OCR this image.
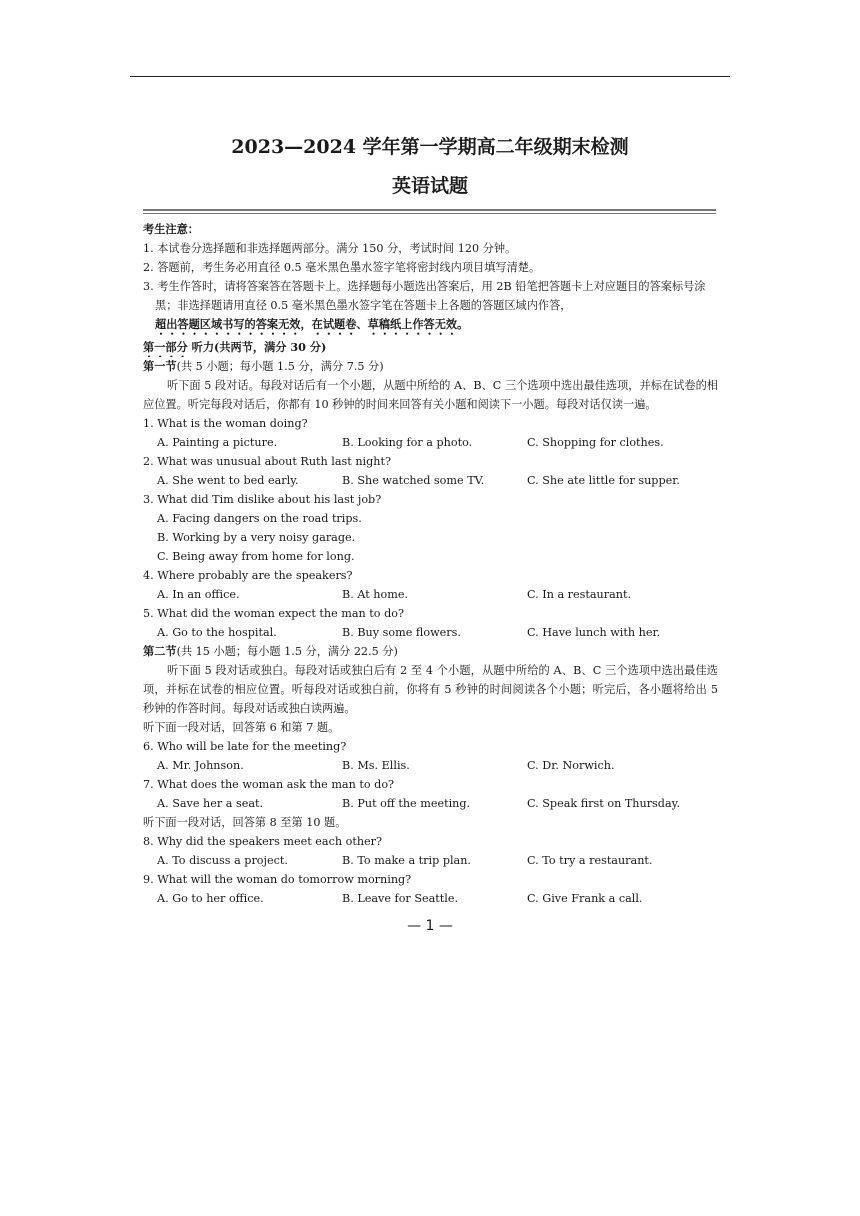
2023—2024 学年第一学期高二年级期末检测
英语试题
考生注意：
1. 本试卷分选择题和非选择题两部分。满分 150 分，考试时间 120 分钟。
2. 答题前，考生务必用直径 0.5 毫米黑色墨水签字笔将密封线内项目填写清楚。
3. 考生作答时，请将答案答在答题卡上。选择题每小题选出答案后，用 2B 铅笔把答题卡上对应题目的答案标号涂黑；非选择题请用直径 0.5 毫米黑色墨水签字笔在答题卡上各题的答题区域内作答，
超出答题区域书写的答案无效，在试题卷、草稿纸上作答无效。
第一部分 听力(共两节，满分 30 分)
第一节(共 5 小题；每小题 1.5 分，满分 7.5 分)
听下面 5 段对话。每段对话后有一个小题，从题中所给的 A、B、C 三个选项中选出最佳选项，并标在试卷的相应位置。听完每段对话后，你都有 10 秒钟的时间来回答有关小题和阅读下一小题。每段对话仅读一遍。
1. What is the woman doing?
A. Painting a picture.	B. Looking for a photo.	C. Shopping for clothes.
2. What was unusual about Ruth last night?
A. She went to bed early.	B. She watched some TV.	C. She ate little for supper.
3. What did Tim dislike about his last job?
A. Facing dangers on the road trips.
B. Working by a very noisy garage.
C. Being away from home for long.
4. Where probably are the speakers?
A. In an office.	B. At home.	C. In a restaurant.
5. What did the woman expect the man to do?
A. Go to the hospital.	B. Buy some flowers.	C. Have lunch with her.
第二节(共 15 小题；每小题 1.5 分，满分 22.5 分)
听下面 5 段对话或独白。每段对话或独白后有 2 至 4 个小题，从题中所给的 A、B、C 三个选项中选出最佳选项，并标在试卷的相应位置。听每段对话或独白前，你将有 5 秒钟的时间阅读各个小题；听完后，各小题将给出 5 秒钟的作答时间。每段对话或独白读两遍。
听下面一段对话，回答第 6 和第 7 题。
6. Who will be late for the meeting?
A. Mr. Johnson.	B. Ms. Ellis.	C. Dr. Norwich.
7. What does the woman ask the man to do?
A. Save her a seat.	B. Put off the meeting.	C. Speak first on Thursday.
听下面一段对话，回答第 8 至第 10 题。
8. Why did the speakers meet each other?
A. To discuss a project.	B. To make a trip plan.	C. To try a restaurant.
9. What will the woman do tomorrow morning?
A. Go to her office.	B. Leave for Seattle.	C. Give Frank a call.
— 1 —
